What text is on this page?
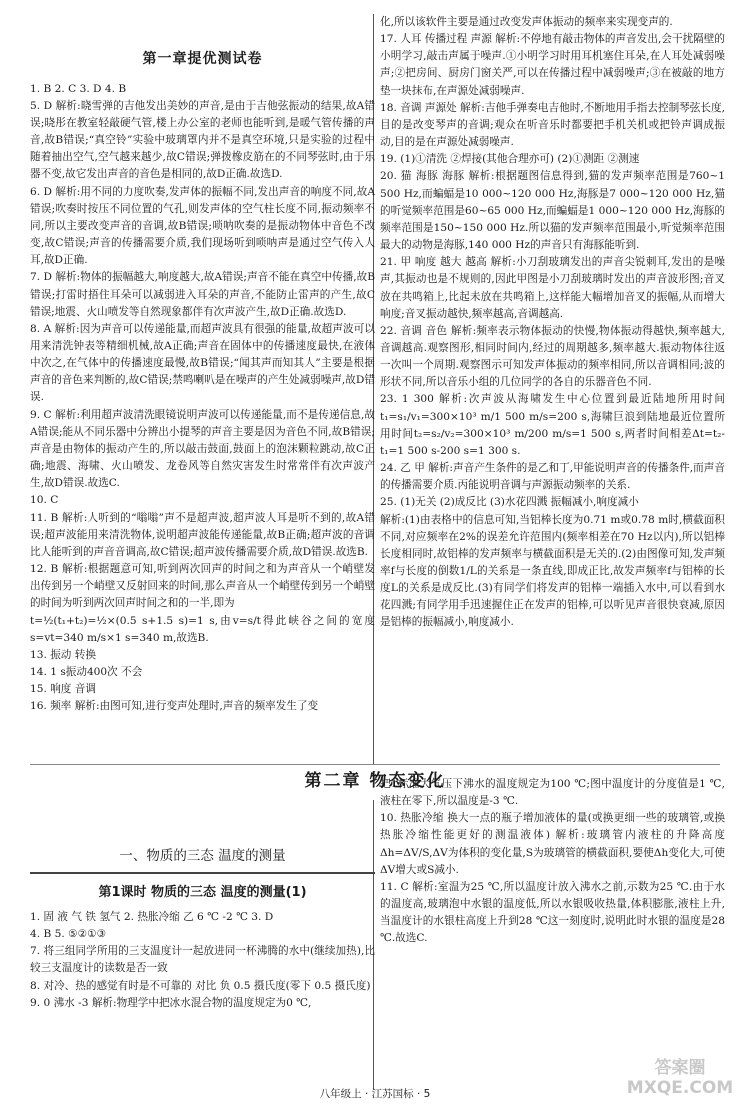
第一章提优测试卷
1. B 2. C 3. D 4. B
5. D 解析:晓雪弹的吉他发出美妙的声音,是由于吉他弦振动的结果,故A错误;晓彤在教室轻敲硬气管,楼上办公室的老师也能听到,是暖气管传播的声音,故B错误;“真空铃”实验中玻璃罩内并不是真空环境,只是实验的过程中随着抽出空气,空气越来越少,故C错误;弹拨橡皮筋在的不同琴弦时,由于乐器不变,故它发出声音的音色是相同的,故D正确.故选D.
6. D 解析:用不同的力度吹奏,发声体的振幅不同,发出声音的响度不同,故A错误;吹奏时按压不同位置的气孔,则发声体的空气柱长度不同,振动频率不同,所以主要改变声音的音调,故B错误;唢呐吹奏的是振动物体中音色不改变,故C错误;声音的传播需要介质,我们现场听到唢呐声是通过空气传入人耳,故D正确.
7. D 解析:物体的振幅越大,响度越大,故A错误;声音不能在真空中传播,故B错误;打雷时捂住耳朵可以减弱进入耳朵的声音,不能防止雷声的产生,故C错误;地震、火山喷发等自然现象都伴有次声波产生,故D正确.故选D.
8. A 解析:因为声音可以传递能量,而超声波具有很强的能量,故超声波可以用来清洗钟表等精细机械,故A正确;声音在固体中的传播速度最快,在液体中次之,在气体中的传播速度最慢,故B错误;“闻其声而知其人”主要是根据声音的音色来判断的,故C错误;禁鸣喇叭是在噪声的产生处减弱噪声,故D错误.
9. C 解析:利用超声波清洗眼镜说明声波可以传递能量,而不是传递信息,故A错误;能从不同乐器中分辨出小提琴的声音主要是因为音色不同,故B错误;声音是由物体的振动产生的,所以敲击鼓面,鼓面上的泡沫颗粒跳动,故C正确;地震、海啸、火山喷发、龙卷风等自然灾害发生时常常伴有次声波产生,故D错误.故选C.
10. C
11. B 解析:人听到的“嗡嗡”声不是超声波,超声波人耳是听不到的,故A错误;超声波能用来清洗物体,说明超声波能传递能量,故B正确;超声波的音调比人能听到的声音音调高,故C错误;超声波传播需要介质,故D错误.故选B.
12. B 解析:根据题意可知,听到两次回声的时间之和为声音从一个峭壁发出传到另一个峭壁又反射回来的时间,那么声音从一个峭壁传到另一个峭壁的时间为听到两次回声时间之和的一半,即为
t=½(t₁+t₂)=½×(0.5 s+1.5 s)=1 s,由v=s/t得此峡谷之间的宽度 s=vt=340 m/s×1 s=340 m,故选B.
13. 振动 转换
14. 1 s振动400次 不会
15. 响度 音调
16. 频率 解析:由图可知,进行变声处理时,声音的频率发生了变
化,所以该软件主要是通过改变发声体振动的频率来实现变声的.
17. 人耳 传播过程 声源 解析:不停地有敲击物体的声音发出,会干扰隔壁的小明学习,敲击声属于噪声.①小明学习时用耳机塞住耳朵,在人耳处减弱噪声;②把房间、厨房门窗关严,可以在传播过程中减弱噪声;③在被敲的地方垫一块抹布,在声源处减弱噪声.
18. 音调 声源处 解析:吉他手弹奏电吉他时,不断地用手指去控制琴弦长度,目的是改变琴声的音调;观众在听音乐时都要把手机关机或把铃声调成振动,目的是在声源处减弱噪声.
19. (1)①清洗 ②焊接(其他合理亦可) (2)①测距 ②测速
20. 猫 海豚 海豚 解析:根据题图信息得到,猫的发声频率范围是760~1 500 Hz,而蝙蝠是10 000~120 000 Hz,海豚是7 000~120 000 Hz,猫的听觉频率范围是60~65 000 Hz,而蝙蝠是1 000~120 000 Hz,海豚的频率范围是150~150 000 Hz.所以猫的发声频率范围最小,听觉频率范围最大的动物是海豚,140 000 Hz的声音只有海豚能听到.
21. 甲 响度 越大 越高 解析:小刀刮玻璃发出的声音尖锐刺耳,发出的是噪声,其振动也是不规则的,因此甲图是小刀刮玻璃时发出的声音波形图;音叉放在共鸣箱上,比起未放在共鸣箱上,这样能大幅增加音叉的振幅,从而增大响度;音叉振动越快,频率越高,音调越高.
22. 音调 音色 解析:频率表示物体振动的快慢,物体振动得越快,频率越大,音调越高.观察图形,相同时间内,经过的周期越多,频率越大.振动物体往返一次叫一个周期.观察图示可知发声体振动的频率相同,所以音调相同;波的形状不同,所以音乐小组的几位同学的各自的乐器音色不同.
23. 1 300 解析:次声波从海啸发生中心位置到最近陆地所用时间t₁=s₁/v₁=300×10³ m/1 500 m/s=200 s,海啸巨浪到陆地最近位置所用时间t₂=s₂/v₂=300×10³ m/200 m/s=1 500 s,两者时间相差Δt=t₂-t₁=1 500 s-200 s=1 300 s.
24. 乙 甲 解析:声音产生条件的是乙和丁,甲能说明声音的传播条件,而声音的传播需要介质.丙能说明音调与声源振动频率的关系.
25. (1)无关 (2)成反比 (3)水花四溅 振幅减小,响度减小
解析:(1)由表格中的信息可知,当铝棒长度为0.71 m或0.78 m时,横截面积不同,对应频率在2%的误差允许范围内(频率相差在70 Hz以内),所以铝棒长度相同时,故铝棒的发声频率与横截面积是无关的.(2)由图像可知,发声频率f与长度的倒数1/L的关系是一条直线,即成正比,故发声频率f与铝棒的长度L的关系是成反比.(3)有同学们将发声的铝棒一端插入水中,可以看到水花四溅;有同学用手迅速握住正在发声的铝棒,可以听见声音很快衰减,原因是铝棒的振幅减小,响度减小.
第二章 物态变化
一、物质的三态 温度的测量
第1课时 物质的三态 温度的测量(1)
1. 固 液 气 铁 氢气 2. 热胀冷缩 乙 6 ℃ -2 ℃ 3. D
4. B 5. ⑤②①③
7. 将三组同学所用的三支温度计一起放进同一杯沸腾的水中(继续加热),比较三支温度计的读数是否一致
8. 对冷、热的感觉有时是不可靠的 对比 负 0.5 摄氏度(零下 0.5 摄氏度)
9. 0 沸水 -3 解析:物理学中把冰水混合物的温度规定为0 ℃,
把1标准大气压下沸水的温度规定为100 ℃;图中温度计的分度值是1 ℃,液柱在零下,所以温度是-3 ℃.
10. 热胀冷缩 换大一点的瓶子增加液体的量(或换更细一些的玻璃管,或换热胀冷缩性能更好的测温液体) 解析:玻璃管内液柱的升降高度Δh=ΔV/S,ΔV为体积的变化量,S为玻璃管的横截面积,要使Δh变化大,可使ΔV增大或S减小.
11. C 解析:室温为25 ℃,所以温度计放入沸水之前,示数为25 ℃.由于水的温度高,玻璃泡中水银的温度低,所以水银吸收热量,体积膨胀,液柱上升,当温度计的水银柱高度上升到28 ℃这一刻度时,说明此时水银的温度是28 ℃.故选C.
答案圈 MXQE.COM
八年级上 · 江苏国标 · 5
